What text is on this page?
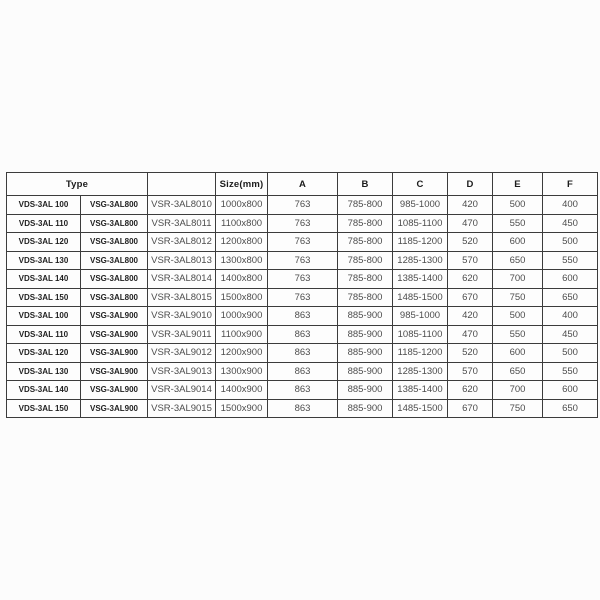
Type			Size(mm)	A	B	C	D	E	F
VDS-3AL 100	VSG-3AL800	VSR-3AL8010	1000x800	763	785-800	985-1000	420	500	400
VDS-3AL 110	VSG-3AL800	VSR-3AL8011	1100x800	763	785-800	1085-1100	470	550	450
VDS-3AL 120	VSG-3AL800	VSR-3AL8012	1200x800	763	785-800	1185-1200	520	600	500
VDS-3AL 130	VSG-3AL800	VSR-3AL8013	1300x800	763	785-800	1285-1300	570	650	550
VDS-3AL 140	VSG-3AL800	VSR-3AL8014	1400x800	763	785-800	1385-1400	620	700	600
VDS-3AL 150	VSG-3AL800	VSR-3AL8015	1500x800	763	785-800	1485-1500	670	750	650
VDS-3AL 100	VSG-3AL900	VSR-3AL9010	1000x900	863	885-900	985-1000	420	500	400
VDS-3AL 110	VSG-3AL900	VSR-3AL9011	1100x900	863	885-900	1085-1100	470	550	450
VDS-3AL 120	VSG-3AL900	VSR-3AL9012	1200x900	863	885-900	1185-1200	520	600	500
VDS-3AL 130	VSG-3AL900	VSR-3AL9013	1300x900	863	885-900	1285-1300	570	650	550
VDS-3AL 140	VSG-3AL900	VSR-3AL9014	1400x900	863	885-900	1385-1400	620	700	600
VDS-3AL 150	VSG-3AL900	VSR-3AL9015	1500x900	863	885-900	1485-1500	670	750	650
